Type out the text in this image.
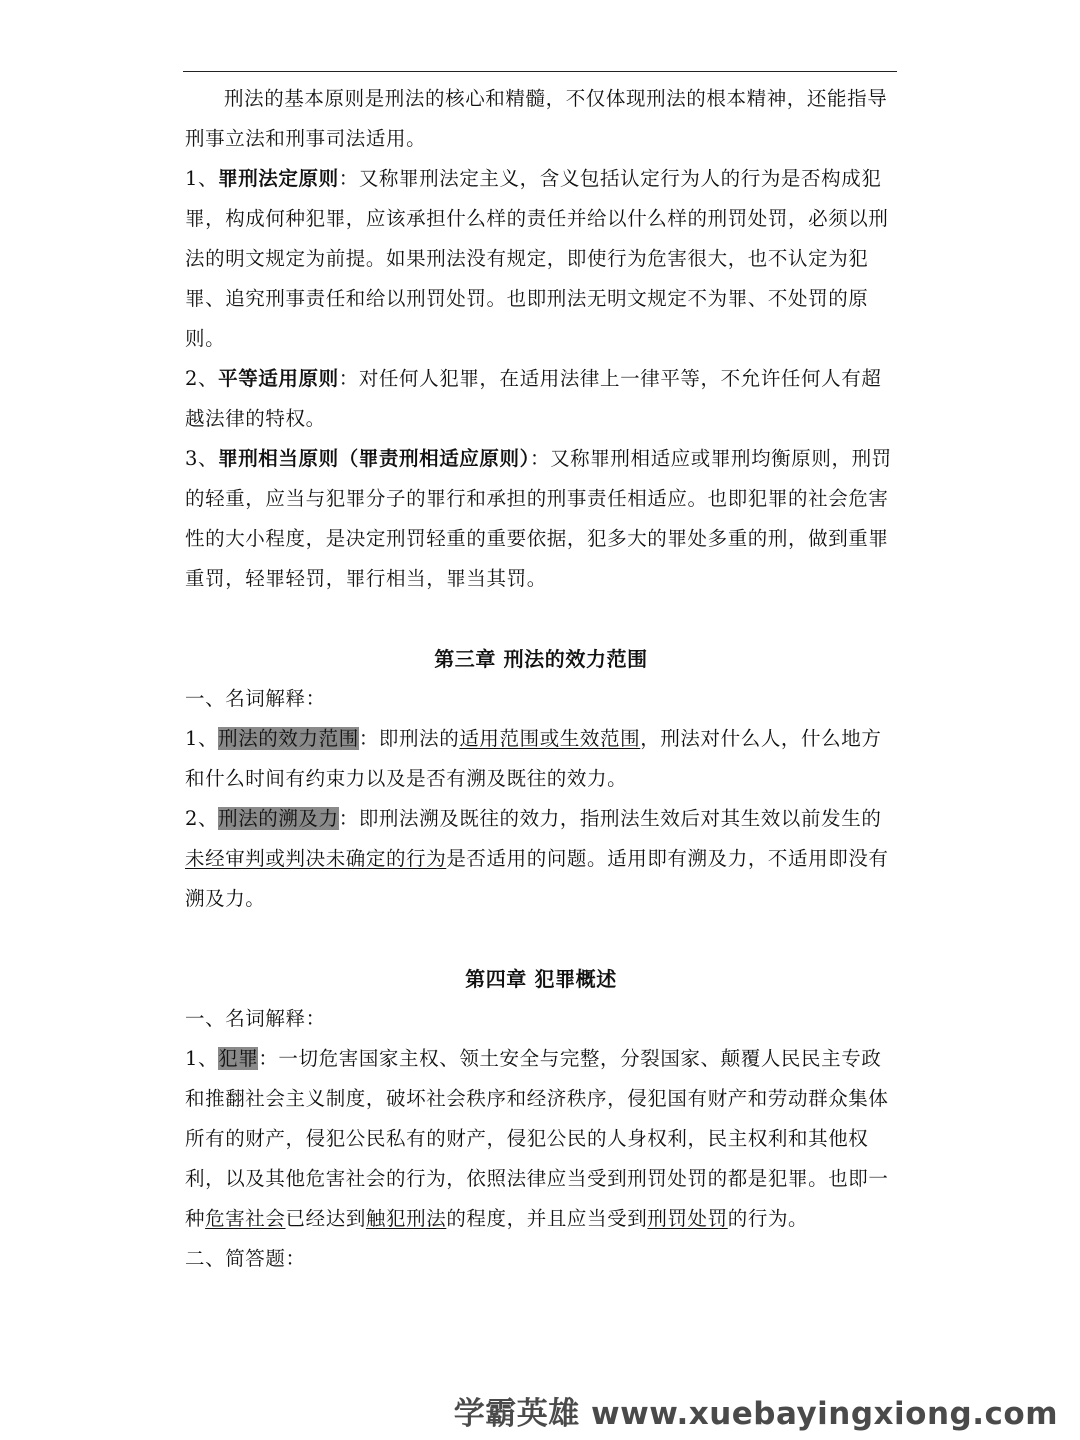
刑法的基本原则是刑法的核心和精髓，不仅体现刑法的根本精神，还能指导刑事立法和刑事司法适用。

1、罪刑法定原则：又称罪刑法定主义，含义包括认定行为人的行为是否构成犯罪，构成何种犯罪，应该承担什么样的责任并给以什么样的刑罚处罚，必须以刑法的明文规定为前提。如果刑法没有规定，即使行为危害很大，也不认定为犯罪、追究刑事责任和给以刑罚处罚。也即刑法无明文规定不为罪、不处罚的原则。

2、平等适用原则：对任何人犯罪，在适用法律上一律平等，不允许任何人有超越法律的特权。

3、罪刑相当原则（罪责刑相适应原则）：又称罪刑相适应或罪刑均衡原则，刑罚的轻重，应当与犯罪分子的罪行和承担的刑事责任相适应。也即犯罪的社会危害性的大小程度，是决定刑罚轻重的重要依据，犯多大的罪处多重的刑，做到重罪重罚，轻罪轻罚，罪行相当，罪当其罚。

第三章 刑法的效力范围

一、名词解释：

1、刑法的效力范围：即刑法的适用范围或生效范围，刑法对什么人，什么地方和什么时间有约束力以及是否有溯及既往的效力。

2、刑法的溯及力：即刑法溯及既往的效力，指刑法生效后对其生效以前发生的未经审判或判决未确定的行为是否适用的问题。适用即有溯及力，不适用即没有溯及力。

第四章 犯罪概述

一、名词解释：

1、犯罪：一切危害国家主权、领土安全与完整，分裂国家、颠覆人民民主专政和推翻社会主义制度，破坏社会秩序和经济秩序，侵犯国有财产和劳动群众集体所有的财产，侵犯公民私有的财产，侵犯公民的人身权利，民主权利和其他权利，以及其他危害社会的行为，依照法律应当受到刑罚处罚的都是犯罪。也即一种危害社会已经达到触犯刑法的程度，并且应当受到刑罚处罚的行为。

二、简答题：

学霸英雄 www.xuebayingxiong.com
